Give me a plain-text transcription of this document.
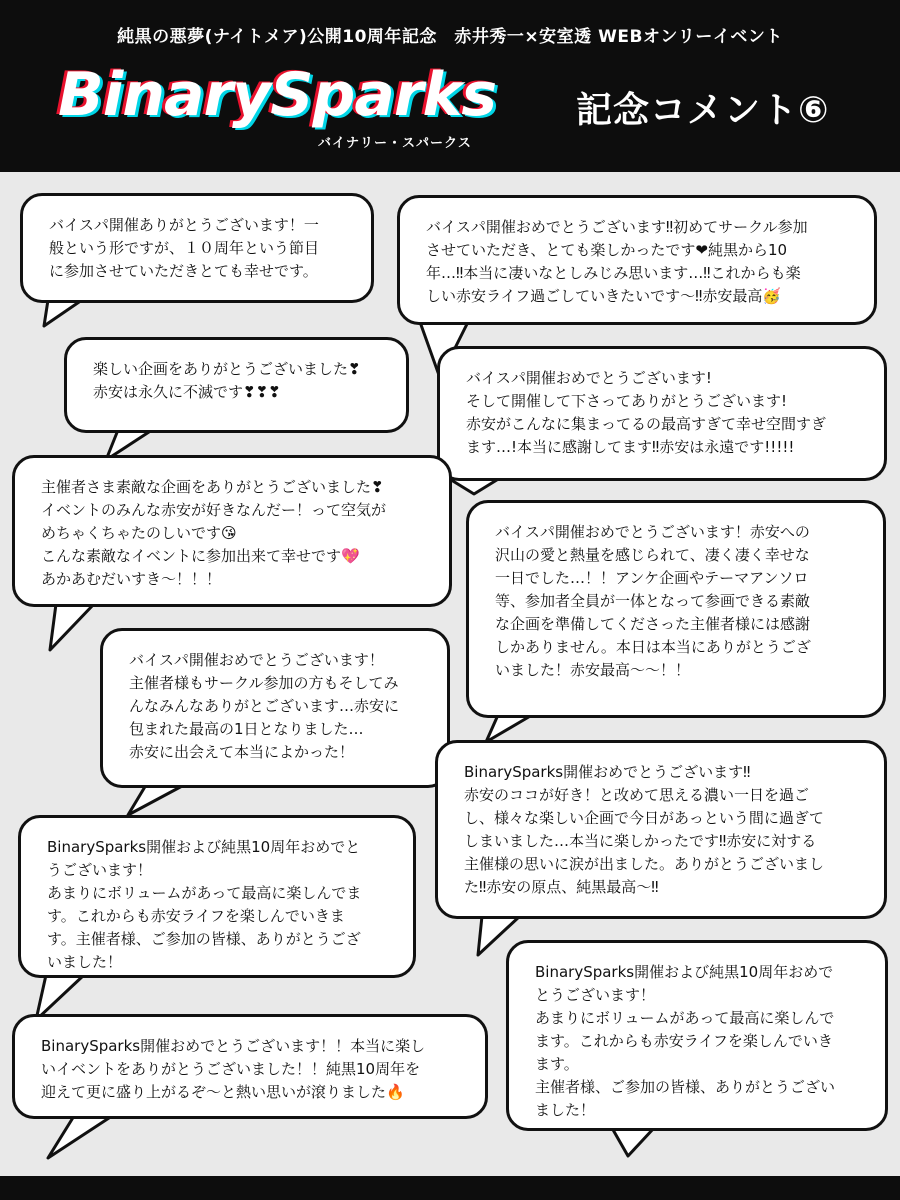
純黒の悪夢(ナイトメア)公開10周年記念　赤井秀一×安室透 WEBオンリーイベント
BinarySparks
バイナリー・スパークス
記念コメント⑥

バイスパ開催ありがとうございます！一
般という形ですが、１０周年という節目
に参加させていただきとても幸せです。

バイスパ開催おめでとうございます‼初めてサークル参加
させていただき、とても楽しかったです❤純黒から10
年…‼本当に凄いなとしみじみ思います…‼これからも楽
しい赤安ライフ過ごしていきたいです〜‼赤安最高🥳

楽しい企画をありがとうございました❣
赤安は永久に不滅です❣❣❣

バイスパ開催おめでとうございます!
そして開催して下さってありがとうございます!
赤安がこんなに集まってるの最高すぎて幸せ空間すぎ
ます…!本当に感謝してます‼赤安は永遠です!!!!!

主催者さま素敵な企画をありがとうございました❣
イベントのみんな赤安が好きなんだー！って空気が
めちゃくちゃたのしいです😘
こんな素敵なイベントに参加出来て幸せです💖
あかあむだいすき〜！！！

バイスパ開催おめでとうございます！赤安への
沢山の愛と熱量を感じられて、凄く凄く幸せな
一日でした…！！アンケ企画やテーマアンソロ
等、参加者全員が一体となって参画できる素敵
な企画を準備してくださった主催者様には感謝
しかありません。本日は本当にありがとうござ
いました！赤安最高〜〜！！

バイスパ開催おめでとうございます！
主催者様もサークル参加の方もそしてみ
んなみんなありがとございます…赤安に
包まれた最高の1日となりました…
赤安に出会えて本当によかった！

BinarySparks開催おめでとうございます‼
赤安のココが好き！と改めて思える濃い一日を過ご
し、様々な楽しい企画で今日があっという間に過ぎて
しまいました…本当に楽しかったです‼赤安に対する
主催様の思いに涙が出ました。ありがとうございまし
た‼赤安の原点、純黒最高〜‼

BinarySparks開催および純黒10周年おめでと
うございます！
あまりにボリュームがあって最高に楽しんでま
す。これからも赤安ライフを楽しんでいきま
す。主催者様、ご参加の皆様、ありがとうござ
いました！

BinarySparks開催および純黒10周年おめで
とうございます！
あまりにボリュームがあって最高に楽しんで
ます。これからも赤安ライフを楽しんでいき
ます。
主催者様、ご参加の皆様、ありがとうござい
ました！

BinarySparks開催おめでとうございます！！本当に楽し
いイベントをありがとうございました！！純黒10周年を
迎えて更に盛り上がるぞ〜と熱い思いが滾りました🔥
